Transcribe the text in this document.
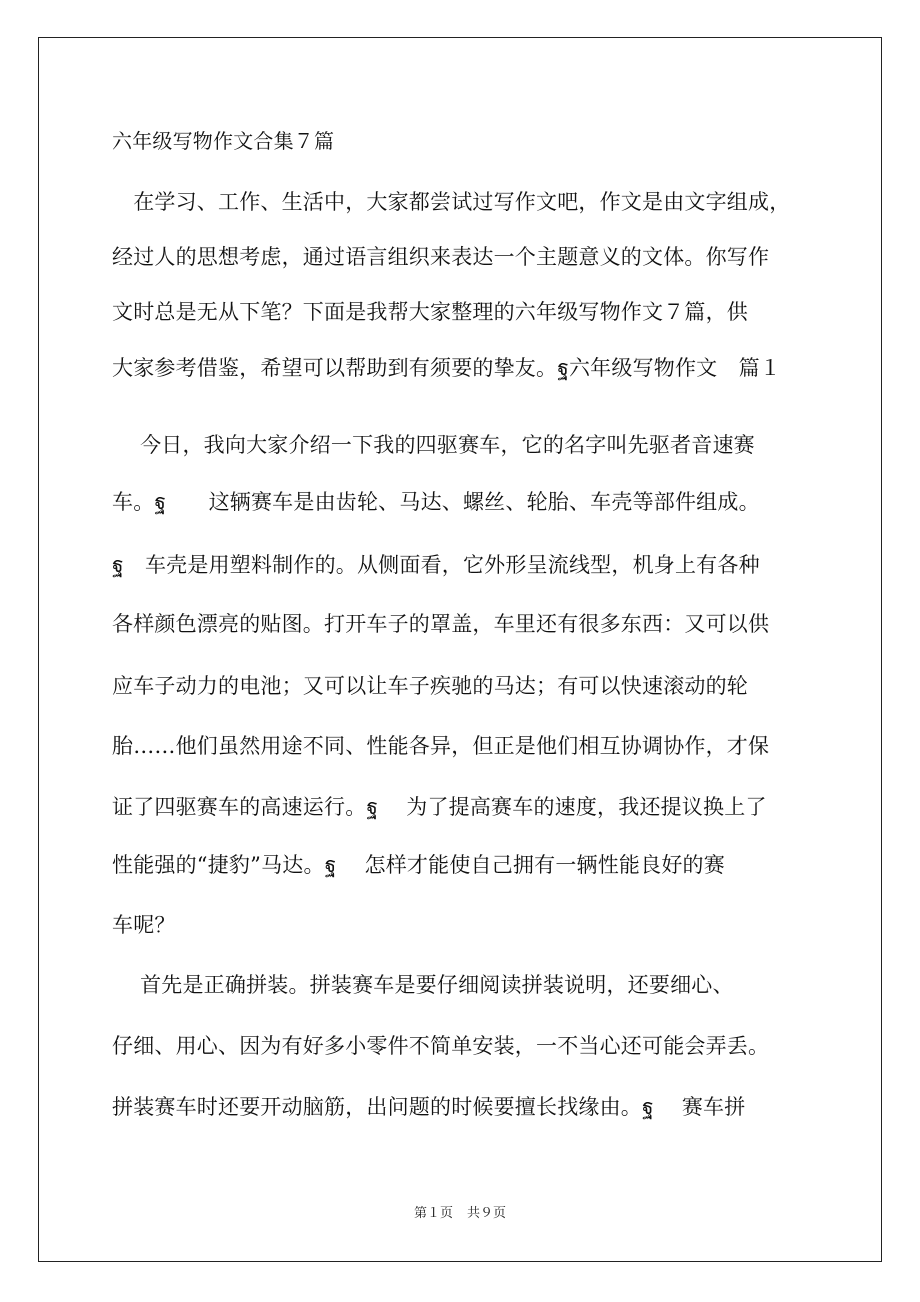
六年级写物作文合集７篇
　在学习、工作、生活中，大家都尝试过写作文吧，作文是由文字组成，
经过人的思想考虑，通过语言组织来表达一个主题意义的文体。你写作
文时总是无从下笔？下面是我帮大家整理的六年级写物作文７篇，供
大家参考借鉴，希望可以帮助到有须要的挚友。ฐ六年级写物作文　篇１
　 今日，我向大家介绍一下我的四驱赛车，它的名字叫先驱者音速赛
车。ฐ　　这辆赛车是由齿轮、马达、螺丝、轮胎、车壳等部件组成。
ฐ　车壳是用塑料制作的。从侧面看，它外形呈流线型，机身上有各种
各样颜色漂亮的贴图。打开车子的罩盖，车里还有很多东西：又可以供
应车子动力的电池；又可以让车子疾驰的马达；有可以快速滚动的轮
胎……他们虽然用途不同、性能各异，但正是他们相互协调协作，才保
证了四驱赛车的高速运行。ฐ　 为了提高赛车的速度，我还提议换上了
性能强的“捷豹”马达。ฐ　 怎样才能使自己拥有一辆性能良好的赛
车呢？
　 首先是正确拼装。拼装赛车是要仔细阅读拼装说明，还要细心、
仔细、用心、因为有好多小零件不简单安装，一不当心还可能会弄丢。
拼装赛车时还要开动脑筋，出问题的时候要擅长找缘由。ฐ　 赛车拼
第１页 共９页
